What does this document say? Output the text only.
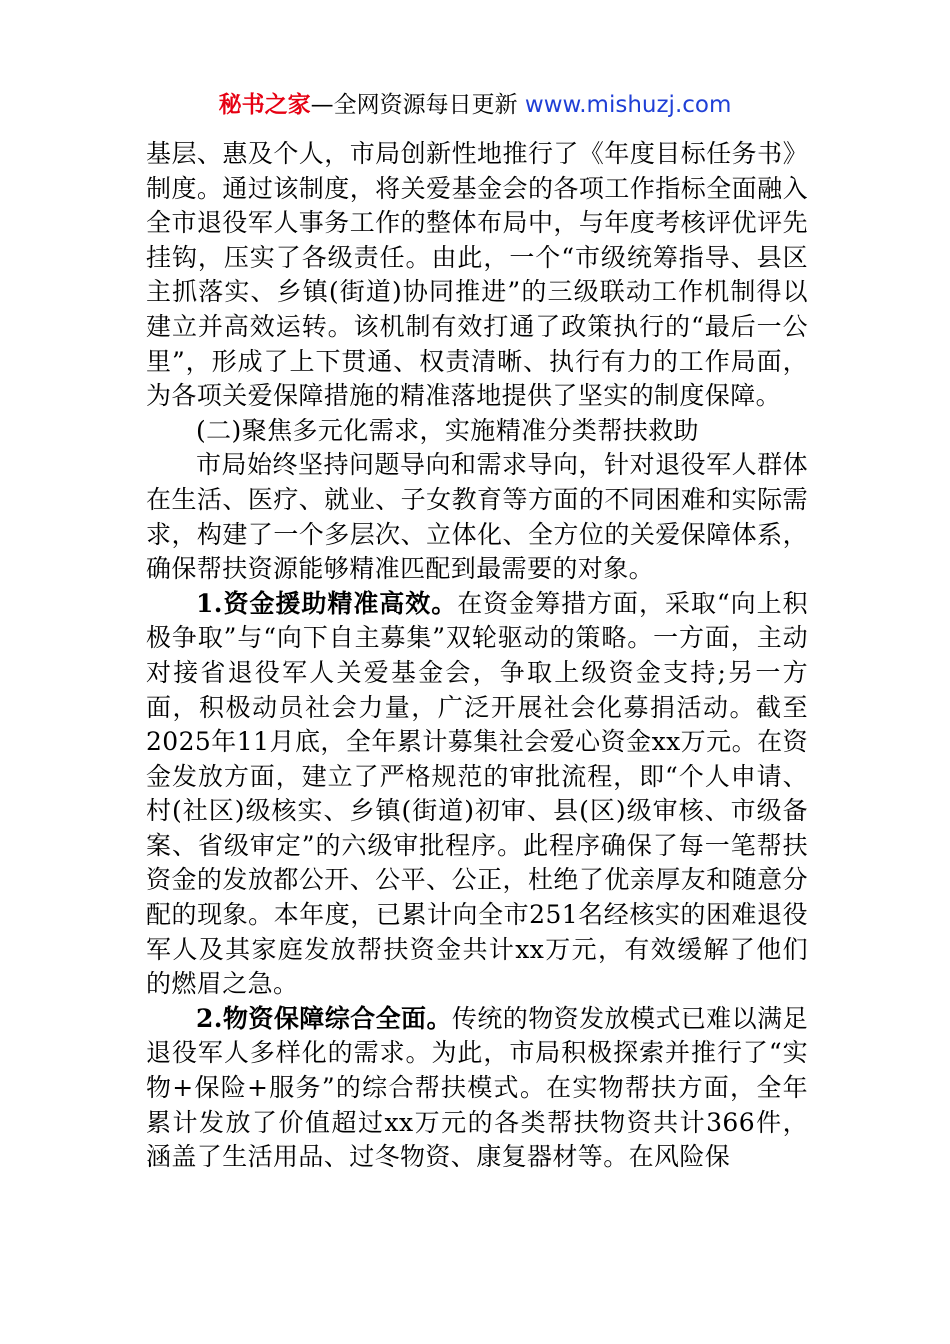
秘书之家—全网资源每日更新 www.mishuzj.com

基层、惠及个人，市局创新性地推行了《年度目标任务书》制度。通过该制度，将关爱基金会的各项工作指标全面融入全市退役军人事务工作的整体布局中，与年度考核评优评先挂钩，压实了各级责任。由此，一个“市级统筹指导、县区主抓落实、乡镇(街道)协同推进”的三级联动工作机制得以建立并高效运转。该机制有效打通了政策执行的“最后一公里”，形成了上下贯通、权责清晰、执行有力的工作局面，为各项关爱保障措施的精准落地提供了坚实的制度保障。

(二)聚焦多元化需求，实施精准分类帮扶救助

市局始终坚持问题导向和需求导向，针对退役军人群体在生活、医疗、就业、子女教育等方面的不同困难和实际需求，构建了一个多层次、立体化、全方位的关爱保障体系，确保帮扶资源能够精准匹配到最需要的对象。

1.资金援助精准高效。在资金筹措方面，采取“向上积极争取”与“向下自主募集”双轮驱动的策略。一方面，主动对接省退役军人关爱基金会，争取上级资金支持;另一方面，积极动员社会力量，广泛开展社会化募捐活动。截至2025年11月底，全年累计募集社会爱心资金xx万元。在资金发放方面，建立了严格规范的审批流程，即“个人申请、村(社区)级核实、乡镇(街道)初审、县(区)级审核、市级备案、省级审定”的六级审批程序。此程序确保了每一笔帮扶资金的发放都公开、公平、公正，杜绝了优亲厚友和随意分配的现象。本年度，已累计向全市251名经核实的困难退役军人及其家庭发放帮扶资金共计xx万元，有效缓解了他们的燃眉之急。

2.物资保障综合全面。传统的物资发放模式已难以满足退役军人多样化的需求。为此，市局积极探索并推行了“实物+保险+服务”的综合帮扶模式。在实物帮扶方面，全年累计发放了价值超过xx万元的各类帮扶物资共计366件，涵盖了生活用品、过冬物资、康复器材等。在风险保
